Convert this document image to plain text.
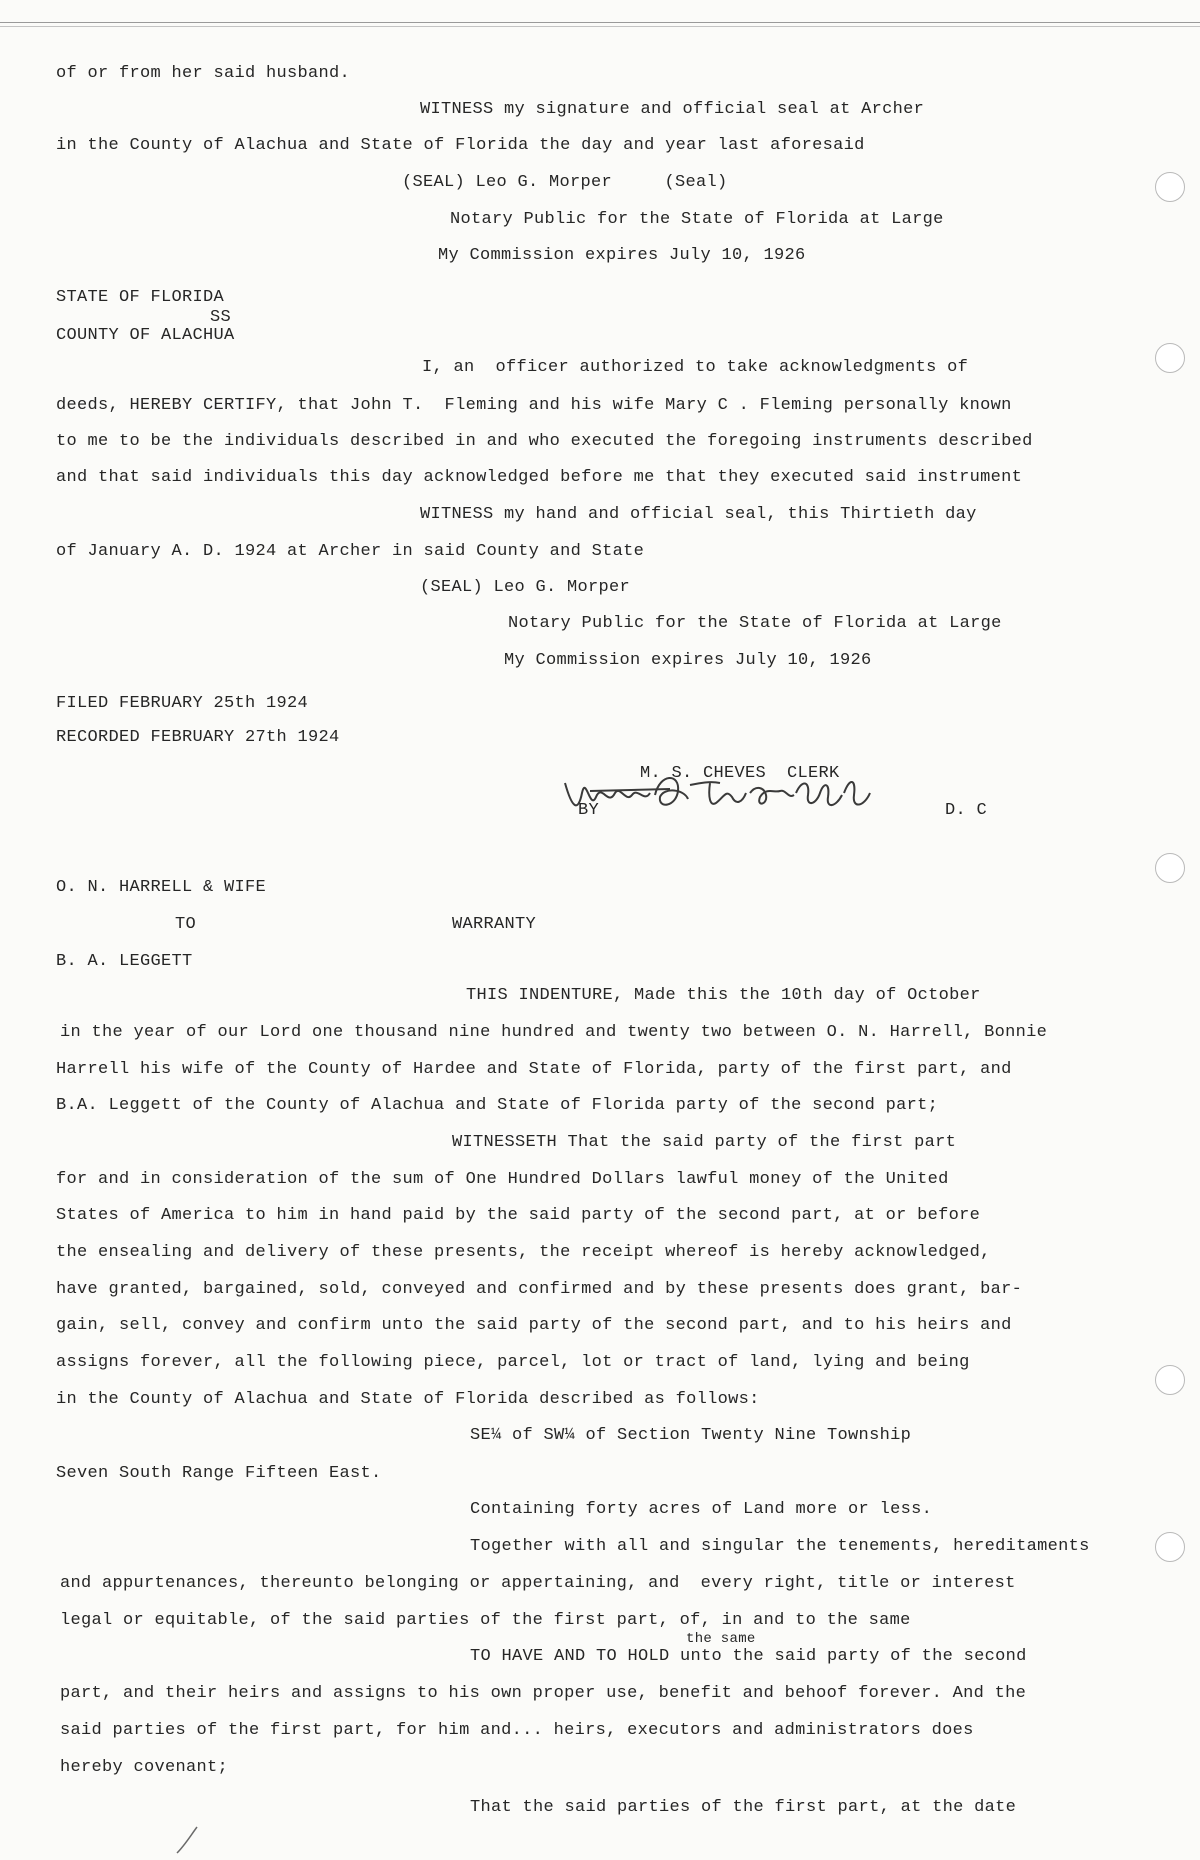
of or from her said husband.
WITNESS my signature and official seal at Archer
in the County of Alachua and State of Florida the day and year last aforesaid
(SEAL) Leo G. Morper     (Seal)
Notary Public for the State of Florida at Large
My Commission expires July 10, 1926
STATE OF FLORIDA
SS
COUNTY OF ALACHUA
I, an  officer authorized to take acknowledgments of
deeds, HEREBY CERTIFY, that John T.  Fleming and his wife Mary C . Fleming personally known
to me to be the individuals described in and who executed the foregoing instruments described
and that said individuals this day acknowledged before me that they executed said instrument
WITNESS my hand and official seal, this Thirtieth day
of January A. D. 1924 at Archer in said County and State
(SEAL) Leo G. Morper
Notary Public for the State of Florida at Large
My Commission expires July 10, 1926
FILED FEBRUARY 25th 1924
RECORDED FEBRUARY 27th 1924
M. S. CHEVES  CLERK
BY	D. C
O. N. HARRELL & WIFE
TO	WARRANTY
B. A. LEGGETT
THIS INDENTURE, Made this the 10th day of October
in the year of our Lord one thousand nine hundred and twenty two between O. N. Harrell, Bonnie
Harrell his wife of the County of Hardee and State of Florida, party of the first part, and
B.A. Leggett of the County of Alachua and State of Florida party of the second part;
WITNESSETH That the said party of the first part
for and in consideration of the sum of One Hundred Dollars lawful money of the United
States of America to him in hand paid by the said party of the second part, at or before
the ensealing and delivery of these presents, the receipt whereof is hereby acknowledged,
have granted, bargained, sold, conveyed and confirmed and by these presents does grant, bar-
gain, sell, convey and confirm unto the said party of the second part, and to his heirs and
assigns forever, all the following piece, parcel, lot or tract of land, lying and being
in the County of Alachua and State of Florida described as follows:
SE¼ of SW¼ of Section Twenty Nine Township
Seven South Range Fifteen East.
Containing forty acres of Land more or less.
Together with all and singular the tenements, hereditaments
and appurtenances, thereunto belonging or appertaining, and  every right, title or interest
legal or equitable, of the said parties of the first part, of, in and to the same
the same
TO HAVE AND TO HOLD unto the said party of the second
part, and their heirs and assigns to his own proper use, benefit and behoof forever. And the
said parties of the first part, for him and... heirs, executors and administrators does
hereby covenant;
That the said parties of the first part, at the date
